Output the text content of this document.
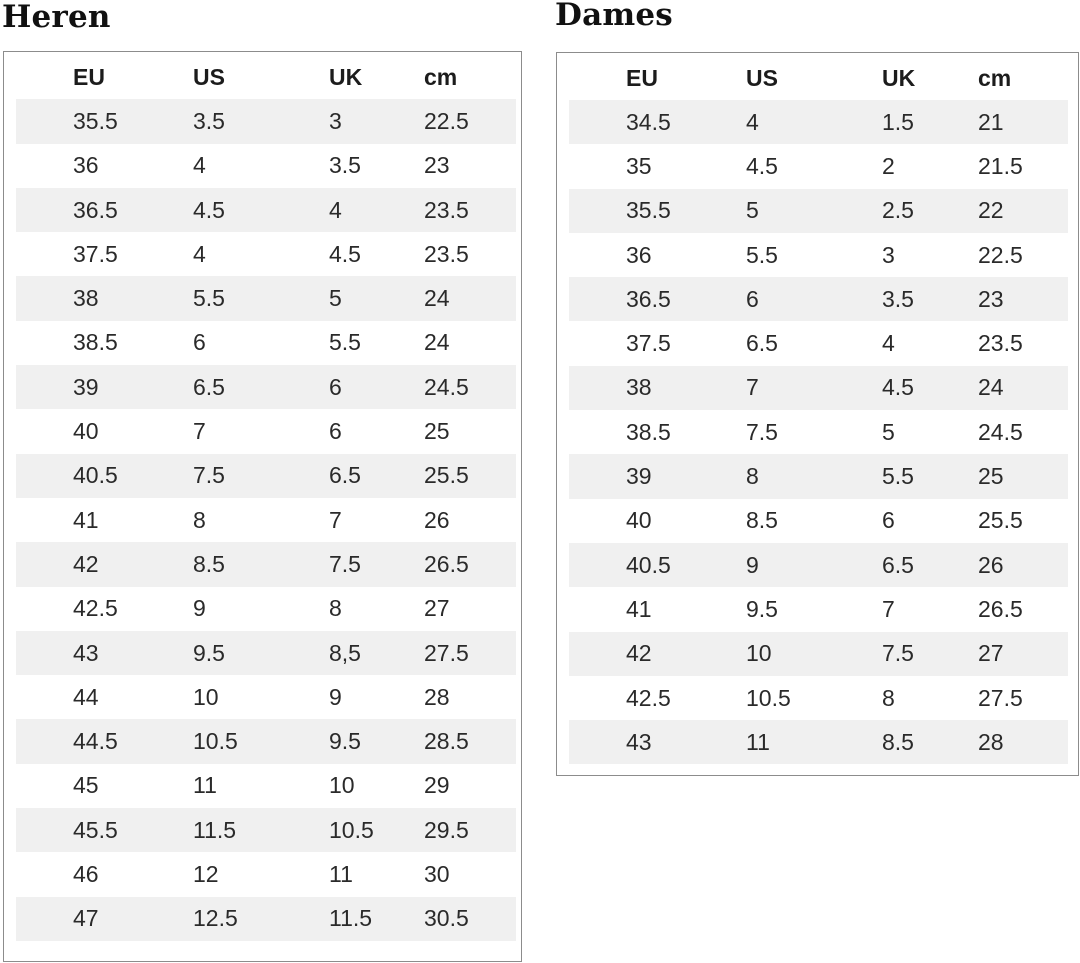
Heren
EU	US	UK	cm
35.5	3.5	3	22.5
36	4	3.5	23
36.5	4.5	4	23.5
37.5	4	4.5	23.5
38	5.5	5	24
38.5	6	5.5	24
39	6.5	6	24.5
40	7	6	25
40.5	7.5	6.5	25.5
41	8	7	26
42	8.5	7.5	26.5
42.5	9	8	27
43	9.5	8,5	27.5
44	10	9	28
44.5	10.5	9.5	28.5
45	11	10	29
45.5	11.5	10.5	29.5
46	12	11	30
47	12.5	11.5	30.5
Dames
EU	US	UK	cm
34.5	4	1.5	21
35	4.5	2	21.5
35.5	5	2.5	22
36	5.5	3	22.5
36.5	6	3.5	23
37.5	6.5	4	23.5
38	7	4.5	24
38.5	7.5	5	24.5
39	8	5.5	25
40	8.5	6	25.5
40.5	9	6.5	26
41	9.5	7	26.5
42	10	7.5	27
42.5	10.5	8	27.5
43	11	8.5	28
